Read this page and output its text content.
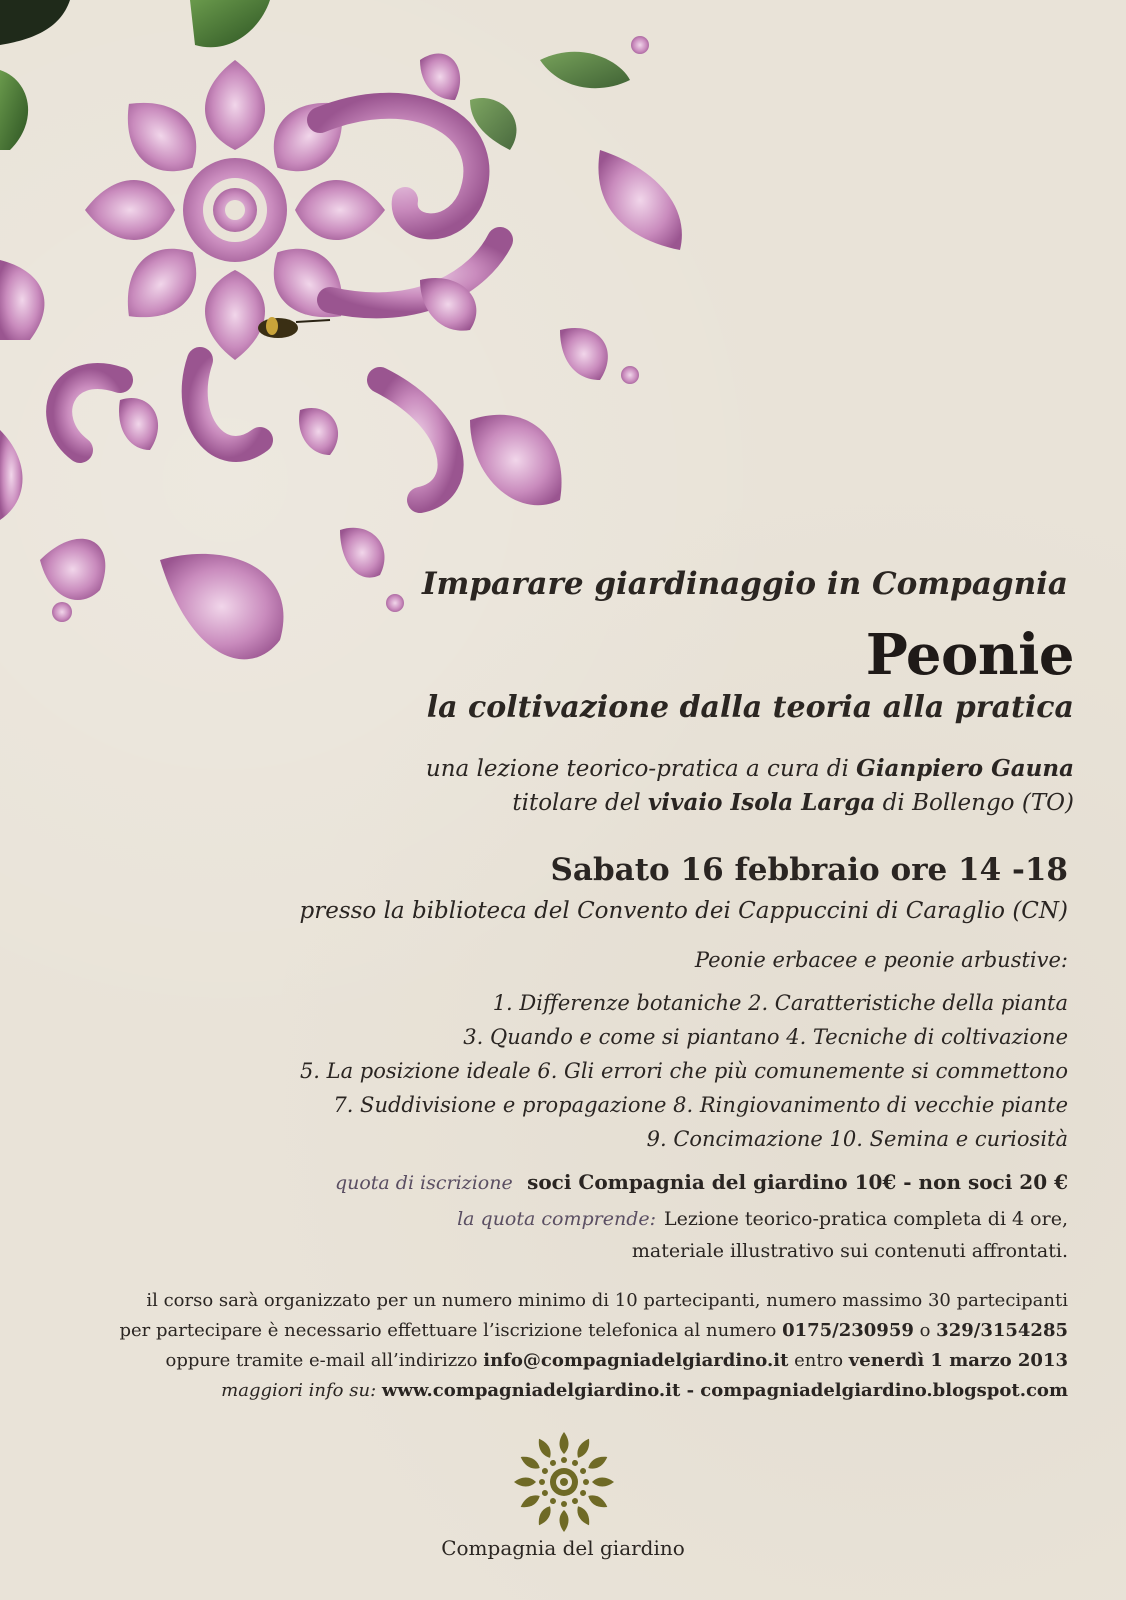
Imparare giardinaggio in Compagnia
Peonie
la coltivazione dalla teoria alla pratica
una lezione teorico-pratica a cura di Gianpiero Gauna
titolare del vivaio Isola Larga di Bollengo (TO)
Sabato 16 febbraio ore 14 -18
presso la biblioteca del Convento dei Cappuccini di Caraglio (CN)
Peonie erbacee e peonie arbustive:
1. Differenze botaniche 2. Caratteristiche della pianta
3. Quando e come si piantano 4. Tecniche di coltivazione
5. La posizione ideale 6. Gli errori che più comunemente si commettono
7. Suddivisione e propagazione 8. Ringiovanimento di vecchie piante
9. Concimazione 10. Semina e curiosità
quota di iscrizione soci Compagnia del giardino 10€ - non soci 20 €
la quota comprende: Lezione teorico-pratica completa di 4 ore,
materiale illustrativo sui contenuti affrontati.
il corso sarà organizzato per un numero minimo di 10 partecipanti, numero massimo 30 partecipanti
per partecipare è necessario effettuare l’iscrizione telefonica al numero 0175/230959 o 329/3154285
oppure tramite e-mail all’indirizzo info@compagniadelgiardino.it entro venerdì 1 marzo 2013
maggiori info su: www.compagniadelgiardino.it - compagniadelgiardino.blogspot.com
Compagnia del giardino
